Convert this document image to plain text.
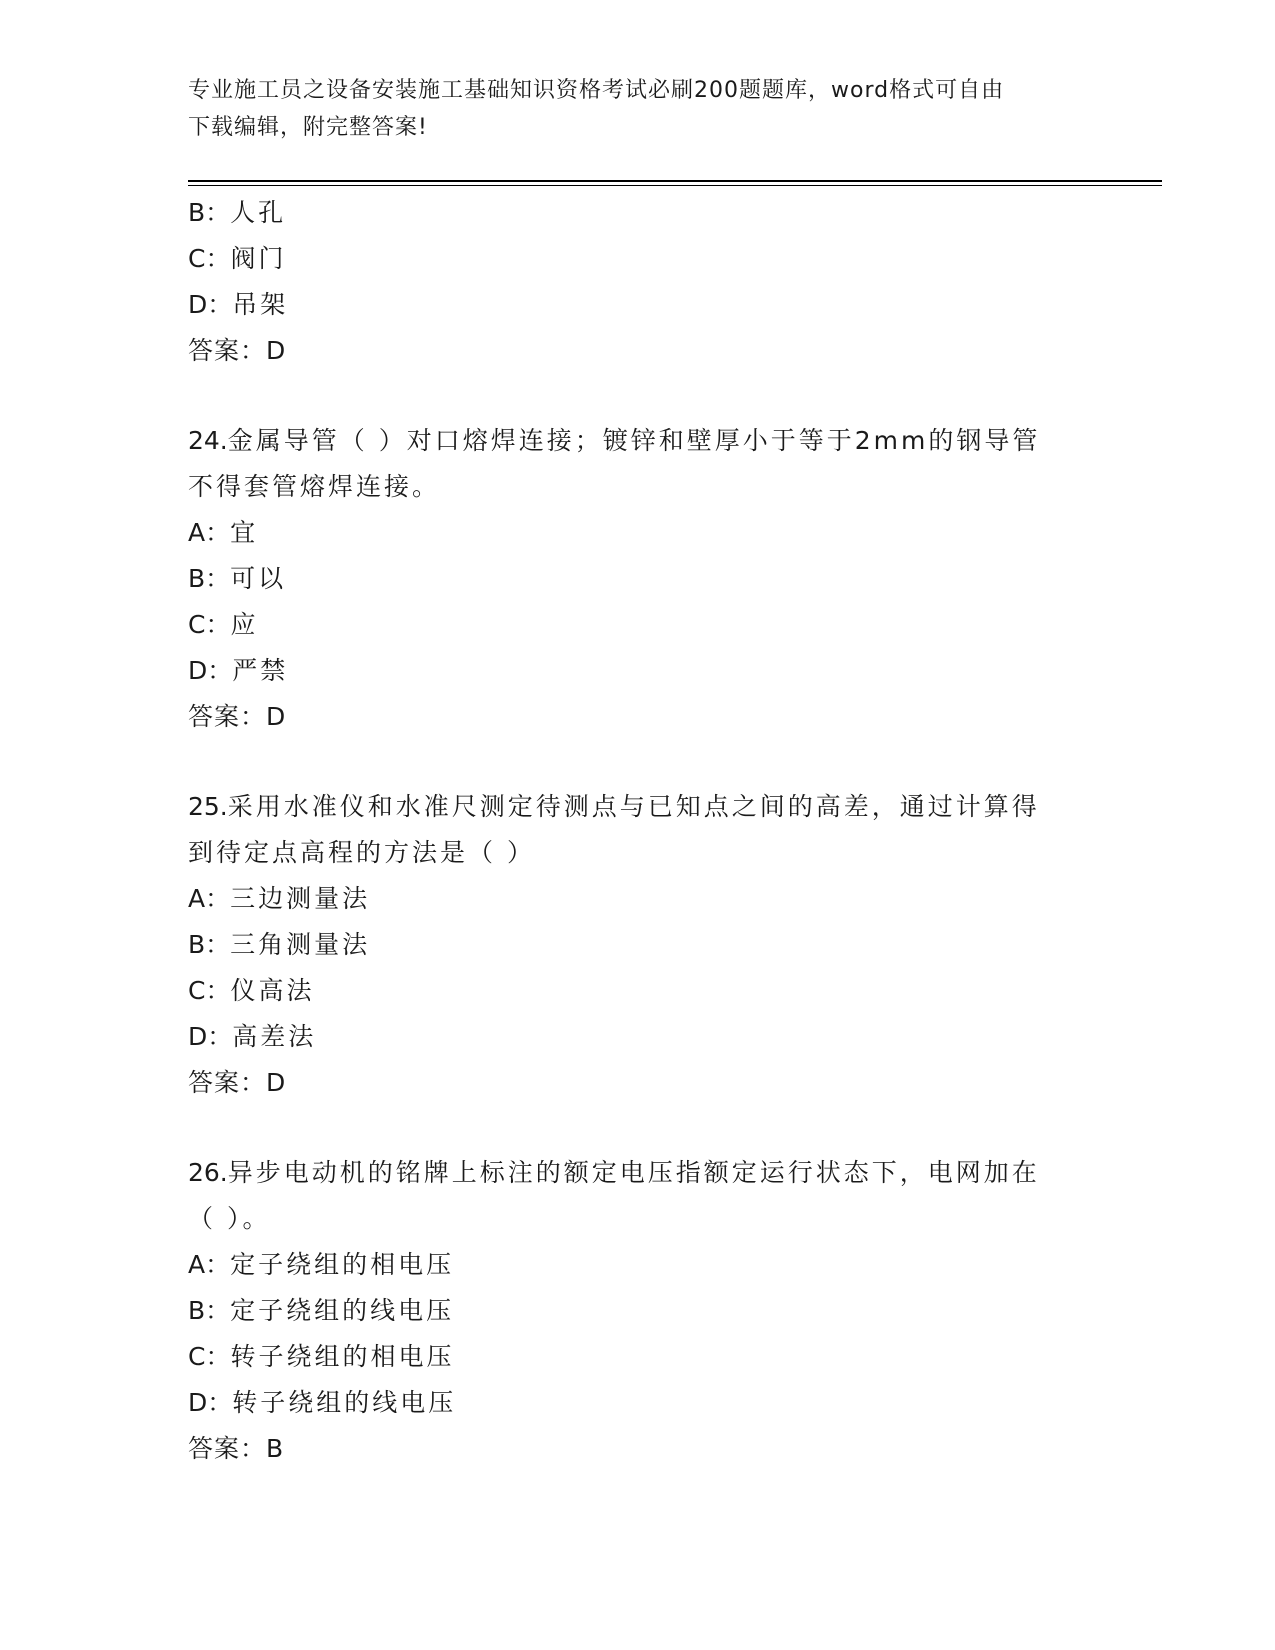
专业施工员之设备安装施工基础知识资格考试必刷200题题库，word格式可自由
下载编辑，附完整答案!
B：人孔
C：阀门
D：吊架
答案：D
24.金属导管（ ）对口熔焊连接；镀锌和壁厚小于等于2mm的钢导管
不得套管熔焊连接。
A：宜
B：可以
C：应
D：严禁
答案：D
25.采用水准仪和水准尺测定待测点与已知点之间的高差，通过计算得
到待定点高程的方法是（ ）
A：三边测量法
B：三角测量法
C：仪高法
D：高差法
答案：D
26.异步电动机的铭牌上标注的额定电压指额定运行状态下，电网加在
（ ）。
A：定子绕组的相电压
B：定子绕组的线电压
C：转子绕组的相电压
D：转子绕组的线电压
答案：B
